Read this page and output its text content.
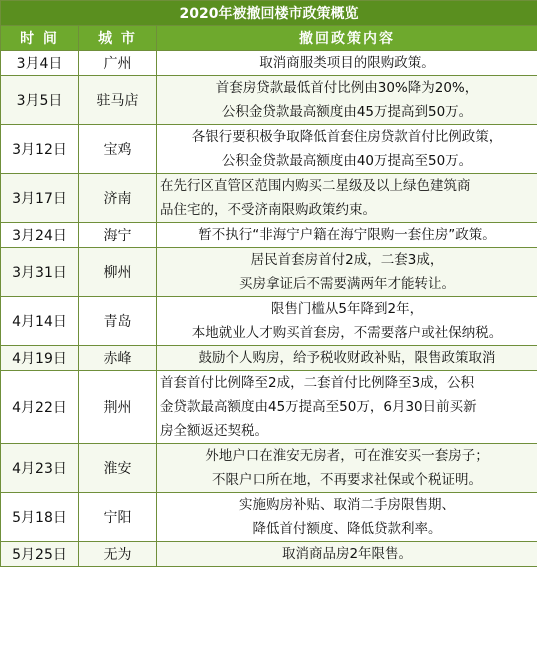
2020年被撤回楼市政策概览		
时 间	城 市	撤回政策内容
3月4日	广州	取消商服类项目的限购政策。

3月5日	驻马店	首套房贷款最低首付比例由30%降为20%，
公积金贷款最高额度由45万提高到50万。

3月12日	宝鸡	各银行要积极争取降低首套住房贷款首付比例政策，
公积金贷款最高额度由40万提高至50万。

3月17日	济南	在先行区直管区范围内购买二星级及以上绿色建筑商
品住宅的，不受济南限购政策约束。

3月24日	海宁	暂不执行“非海宁户籍在海宁限购一套住房”政策。

3月31日	柳州	居民首套房首付2成，二套3成，
买房拿证后不需要满两年才能转让。

4月14日	青岛	限售门槛从5年降到2年，
本地就业人才购买首套房，不需要落户或社保纳税。

4月19日	赤峰	鼓励个人购房，给予税收财政补贴，限售政策取消

4月22日	荆州	首套首付比例降至2成，二套首付比例降至3成，公积
金贷款最高额度由45万提高至50万，6月30日前买新
房全额返还契税。

4月23日	淮安	外地户口在淮安无房者，可在淮安买一套房子；
不限户口所在地，不再要求社保或个税证明。

5月18日	宁阳	实施购房补贴、取消二手房限售期、
降低首付额度、降低贷款利率。

5月25日	无为	取消商品房2年限售。
